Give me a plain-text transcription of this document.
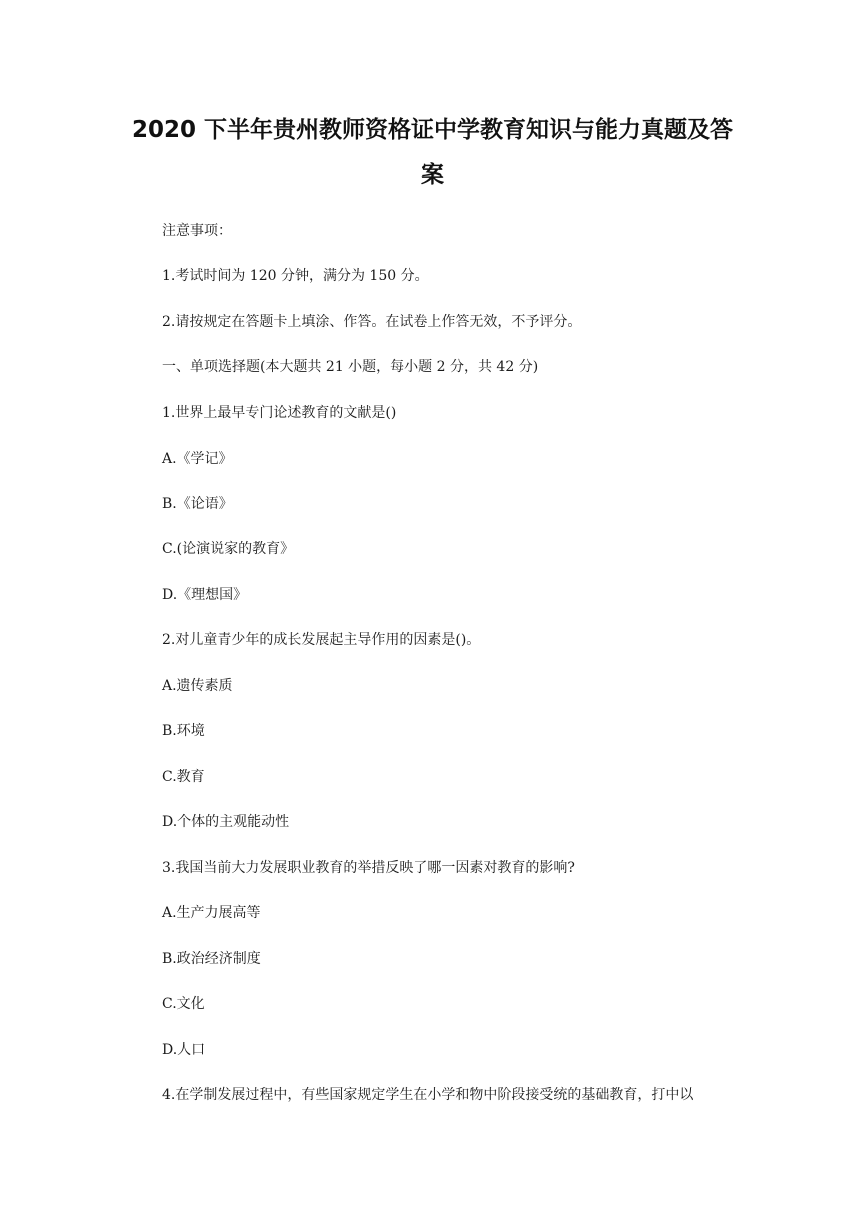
2020 下半年贵州教师资格证中学教育知识与能力真题及答
案
注意事项：
1.考试时间为 120 分钟，满分为 150 分。
2.请按规定在答题卡上填涂、作答。在试卷上作答无效，不予评分。
一、单项选择题(本大题共 21 小题，每小题 2 分，共 42 分)
1.世界上最早专门论述教育的文献是()
A.《学记》
B.《论语》
C.(论演说家的教育》
D.《理想国》
2.对儿童青少年的成长发展起主导作用的因素是()。
A.遗传素质
B.环境
C.教育
D.个体的主观能动性
3.我国当前大力发展职业教育的举措反映了哪一因素对教育的影响?
A.生产力展高等
B.政治经济制度
C.文化
D.人口
4.在学制发展过程中，有些国家规定学生在小学和物中阶段接受统的基础教育，打中以
